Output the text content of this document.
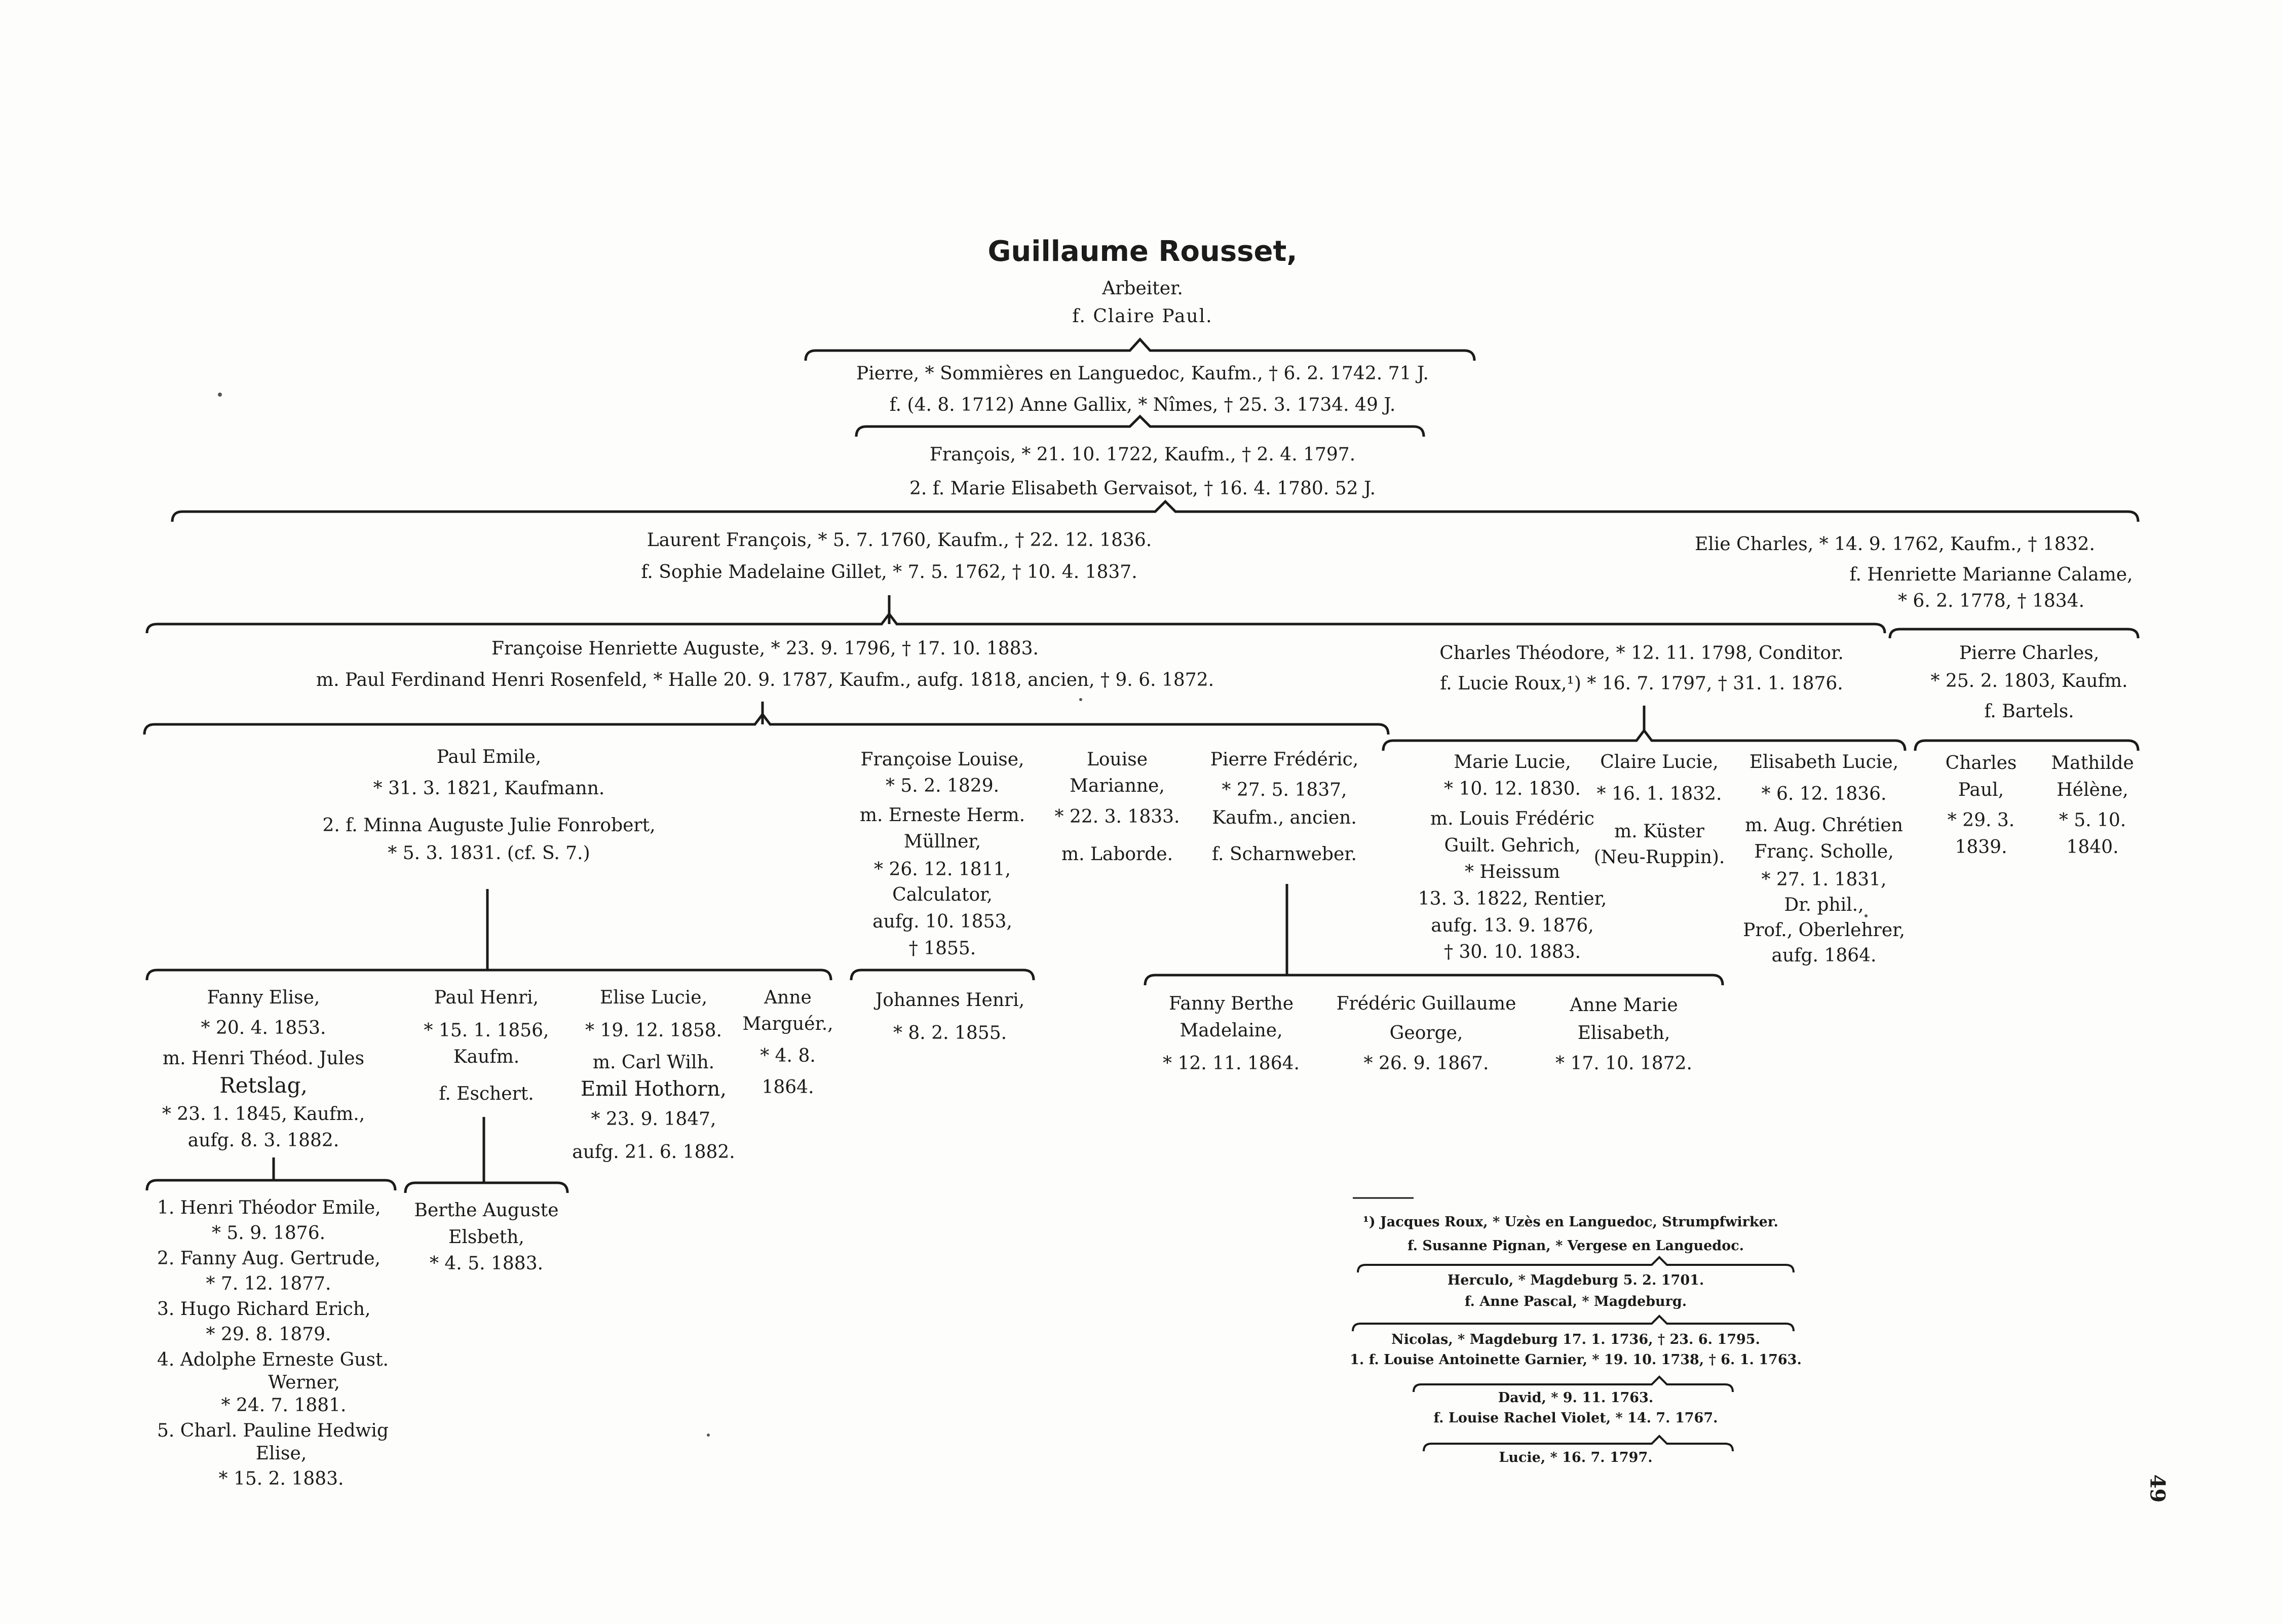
Guillaume Rousset,
Arbeiter.
f. Claire Paul.
Pierre, * Sommières en Languedoc, Kaufm., † 6. 2. 1742. 71 J.
f. (4. 8. 1712) Anne Gallix, * Nîmes, † 25. 3. 1734. 49 J.
François, * 21. 10. 1722, Kaufm., † 2. 4. 1797.
2. f. Marie Elisabeth Gervaisot, † 16. 4. 1780. 52 J.
Laurent François, * 5. 7. 1760, Kaufm., † 22. 12. 1836.
f. Sophie Madelaine Gillet, * 7. 5. 1762, † 10. 4. 1837.
Elie Charles, * 14. 9. 1762, Kaufm., † 1832.
f. Henriette Marianne Calame,
* 6. 2. 1778, † 1834.
Françoise Henriette Auguste, * 23. 9. 1796, † 17. 10. 1883.
m. Paul Ferdinand Henri Rosenfeld, * Halle 20. 9. 1787, Kaufm., aufg. 1818, ancien, † 9. 6. 1872.
Charles Théodore, * 12. 11. 1798, Conditor.
f. Lucie Roux,¹) * 16. 7. 1797, † 31. 1. 1876.
Pierre Charles,
* 25. 2. 1803, Kaufm.
f. Bartels.
Paul Emile,
* 31. 3. 1821, Kaufmann.
2. f. Minna Auguste Julie Fonrobert,
* 5. 3. 1831. (cf. S. 7.)
Françoise Louise,
* 5. 2. 1829.
m. Erneste Herm.
Müllner,
* 26. 12. 1811,
Calculator,
aufg. 10. 1853,
† 1855.
Louise
Marianne,
* 22. 3. 1833.
m. Laborde.
Pierre Frédéric,
* 27. 5. 1837,
Kaufm., ancien.
f. Scharnweber.
Marie Lucie,
* 10. 12. 1830.
m. Louis Frédéric
Guilt. Gehrich,
* Heissum
13. 3. 1822, Rentier,
aufg. 13. 9. 1876,
† 30. 10. 1883.
Claire Lucie,
* 16. 1. 1832.
m. Küster
(Neu-Ruppin).
Elisabeth Lucie,
* 6. 12. 1836.
m. Aug. Chrétien
Franç. Scholle,
* 27. 1. 1831,
Dr. phil.,
Prof., Oberlehrer,
aufg. 1864.
Charles
Paul,
* 29. 3.
1839.
Mathilde
Hélène,
* 5. 10.
1840.
Fanny Elise,
* 20. 4. 1853.
m. Henri Théod. Jules
Retslag,
* 23. 1. 1845, Kaufm.,
aufg. 8. 3. 1882.
Paul Henri,
* 15. 1. 1856,
Kaufm.
f. Eschert.
Elise Lucie,
* 19. 12. 1858.
m. Carl Wilh.
Emil Hothorn,
* 23. 9. 1847,
aufg. 21. 6. 1882.
Anne
Marguér.,
* 4. 8.
1864.
Johannes Henri,
* 8. 2. 1855.
Fanny Berthe
Madelaine,
* 12. 11. 1864.
Frédéric Guillaume
George,
* 26. 9. 1867.
Anne Marie
Elisabeth,
* 17. 10. 1872.
1. Henri Théodor Emile,
* 5. 9. 1876.
2. Fanny Aug. Gertrude,
* 7. 12. 1877.
3. Hugo Richard Erich,
* 29. 8. 1879.
4. Adolphe Erneste Gust.
Werner,
* 24. 7. 1881.
5. Charl. Pauline Hedwig
Elise,
* 15. 2. 1883.
Berthe Auguste
Elsbeth,
* 4. 5. 1883.
¹) Jacques Roux, * Uzès en Languedoc, Strumpfwirker.
f. Susanne Pignan, * Vergese en Languedoc.
Herculo, * Magdeburg 5. 2. 1701.
f. Anne Pascal, * Magdeburg.
Nicolas, * Magdeburg 17. 1. 1736, † 23. 6. 1795.
1. f. Louise Antoinette Garnier, * 19. 10. 1738, † 6. 1. 1763.
David, * 9. 11. 1763.
f. Louise Rachel Violet, * 14. 7. 1767.
Lucie, * 16. 7. 1797.
49
